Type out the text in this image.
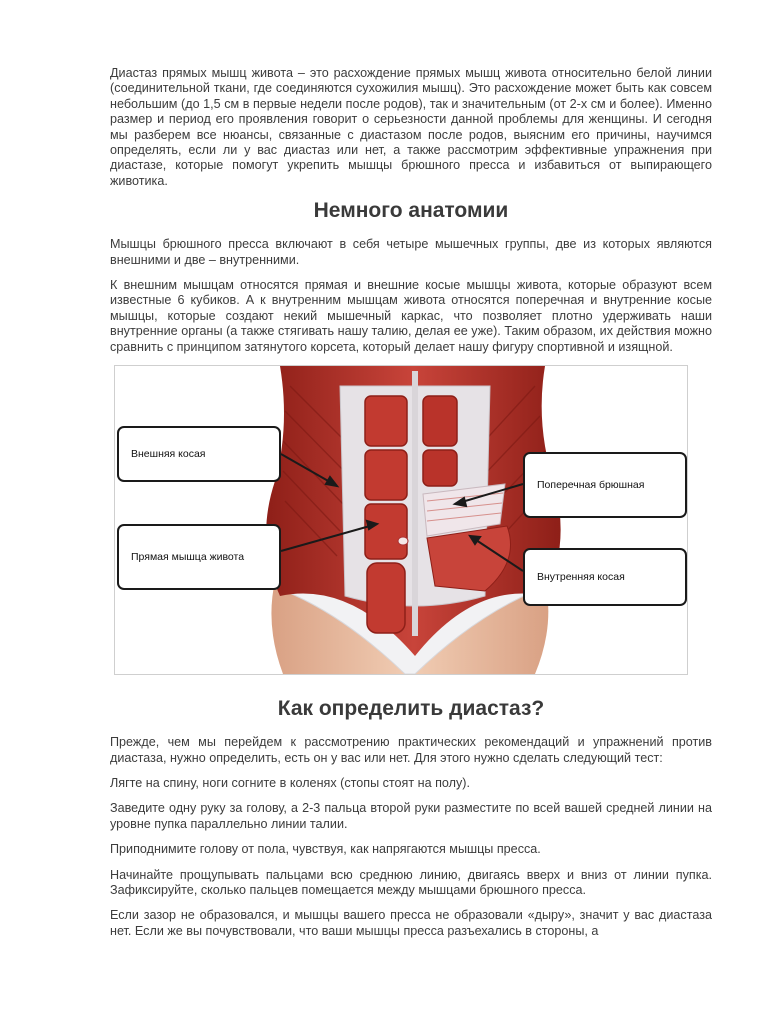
Диастаз прямых мышц живота – это расхождение прямых мышц живота относительно белой линии (соединительной ткани, где соединяются сухожилия мышц). Это расхождение может быть как совсем небольшим (до 1,5 см в первые недели после родов), так и значительным (от 2-х см и более). Именно размер и период его проявления говорит о серьезности данной проблемы для женщины. И сегодня мы разберем все нюансы, связанные с диастазом после родов, выясним его причины, научимся определять, если ли у вас диастаз или нет, а также рассмотрим эффективные упражнения при диастазе, которые помогут укрепить мышцы брюшного пресса и избавиться от выпирающего животика.

Немного анатомии

Мышцы брюшного пресса включают в себя четыре мышечных группы, две из которых являются внешними и две – внутренними.

К внешним мышцам относятся прямая и внешние косые мышцы живота, которые образуют всем известные 6 кубиков. А к внутренним мышцам живота относятся поперечная и внутренние косые мышцы, которые создают некий мышечный каркас, что позволяет плотно удерживать наши внутренние органы (а также стягивать нашу талию, делая ее уже). Таким образом, их действия можно сравнить с принципом затянутого корсета, который делает нашу фигуру спортивной и изящной.

Внешняя косая
Прямая мышца живота
Поперечная брюшная
Внутренняя косая
Как определить диастаз?

Прежде, чем мы перейдем к рассмотрению практических рекомендаций и упражнений против диастаза, нужно определить, есть он у вас или нет. Для этого нужно сделать следующий тест:

Лягте на спину, ноги согните в коленях (стопы стоят на полу).

Заведите одну руку за голову, а 2-3 пальца второй руки разместите по всей вашей средней линии на уровне пупка параллельно линии талии.

Приподнимите голову от пола, чувствуя, как напрягаются мышцы пресса.

Начинайте прощупывать пальцами всю среднюю линию, двигаясь вверх и вниз от линии пупка. Зафиксируйте, сколько пальцев помещается между мышцами брюшного пресса.

Если зазор не образовался, и мышцы вашего пресса не образовали «дыру», значит у вас диастаза нет. Если же вы почувствовали, что ваши мышцы пресса разъехались в стороны, а
